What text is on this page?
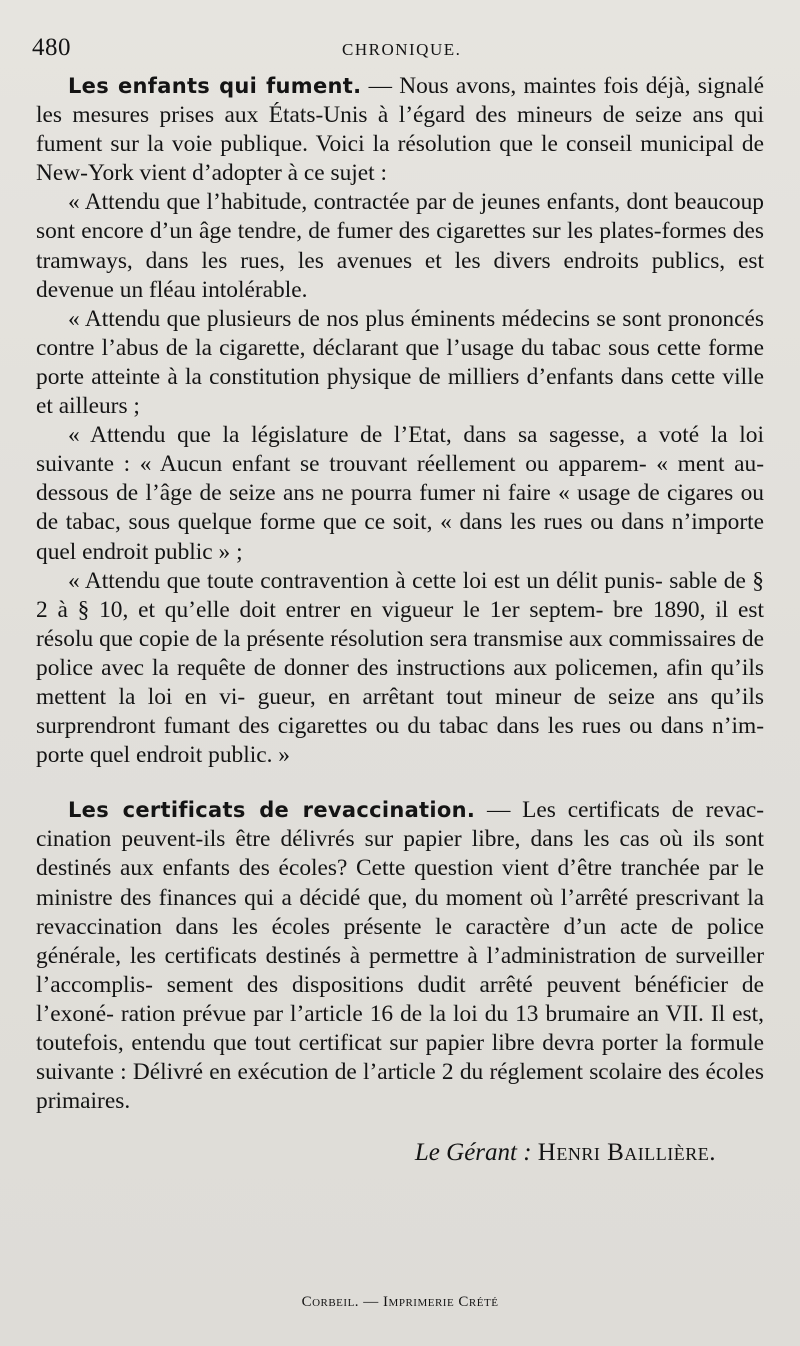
480	CHRONIQUE.

Les enfants qui fument. — Nous avons, maintes fois déjà, signalé les mesures prises aux États-Unis à l’égard des mineurs de seize ans qui fument sur la voie publique. Voici la résolution que le conseil municipal de New-York vient d’adopter à ce sujet :

« Attendu que l’habitude, contractée par de jeunes enfants, dont beaucoup sont encore d’un âge tendre, de fumer des cigarettes sur les plates-formes des tramways, dans les rues, les avenues et les divers endroits publics, est devenue un fléau intolérable.

« Attendu que plusieurs de nos plus éminents médecins se sont prononcés contre l’abus de la cigarette, déclarant que l’usage du tabac sous cette forme porte atteinte à la constitution physique de milliers d’enfants dans cette ville et ailleurs ;

« Attendu que la législature de l’Etat, dans sa sagesse, a voté la loi suivante : « Aucun enfant se trouvant réellement ou apparem- « ment au-dessous de l’âge de seize ans ne pourra fumer ni faire « usage de cigares ou de tabac, sous quelque forme que ce soit, « dans les rues ou dans n’importe quel endroit public » ;

« Attendu que toute contravention à cette loi est un délit punis- sable de § 2 à § 10, et qu’elle doit entrer en vigueur le 1er septem- bre 1890, il est résolu que copie de la présente résolution sera transmise aux commissaires de police avec la requête de donner des instructions aux policemen, afin qu’ils mettent la loi en vi- gueur, en arrêtant tout mineur de seize ans qu’ils surprendront fumant des cigarettes ou du tabac dans les rues ou dans n’im- porte quel endroit public. »

Les certificats de revaccination. — Les certificats de revac- cination peuvent-ils être délivrés sur papier libre, dans les cas où ils sont destinés aux enfants des écoles? Cette question vient d’être tranchée par le ministre des finances qui a décidé que, du moment où l’arrêté prescrivant la revaccination dans les écoles présente le caractère d’un acte de police générale, les certificats destinés à permettre à l’administration de surveiller l’accomplis- sement des dispositions dudit arrêté peuvent bénéficier de l’exoné- ration prévue par l’article 16 de la loi du 13 brumaire an VII. Il est, toutefois, entendu que tout certificat sur papier libre devra porter la formule suivante : Délivré en exécution de l’article 2 du réglement scolaire des écoles primaires.

Le Gérant : Henri Baillière.
Corbeil. — Imprimerie Crété
